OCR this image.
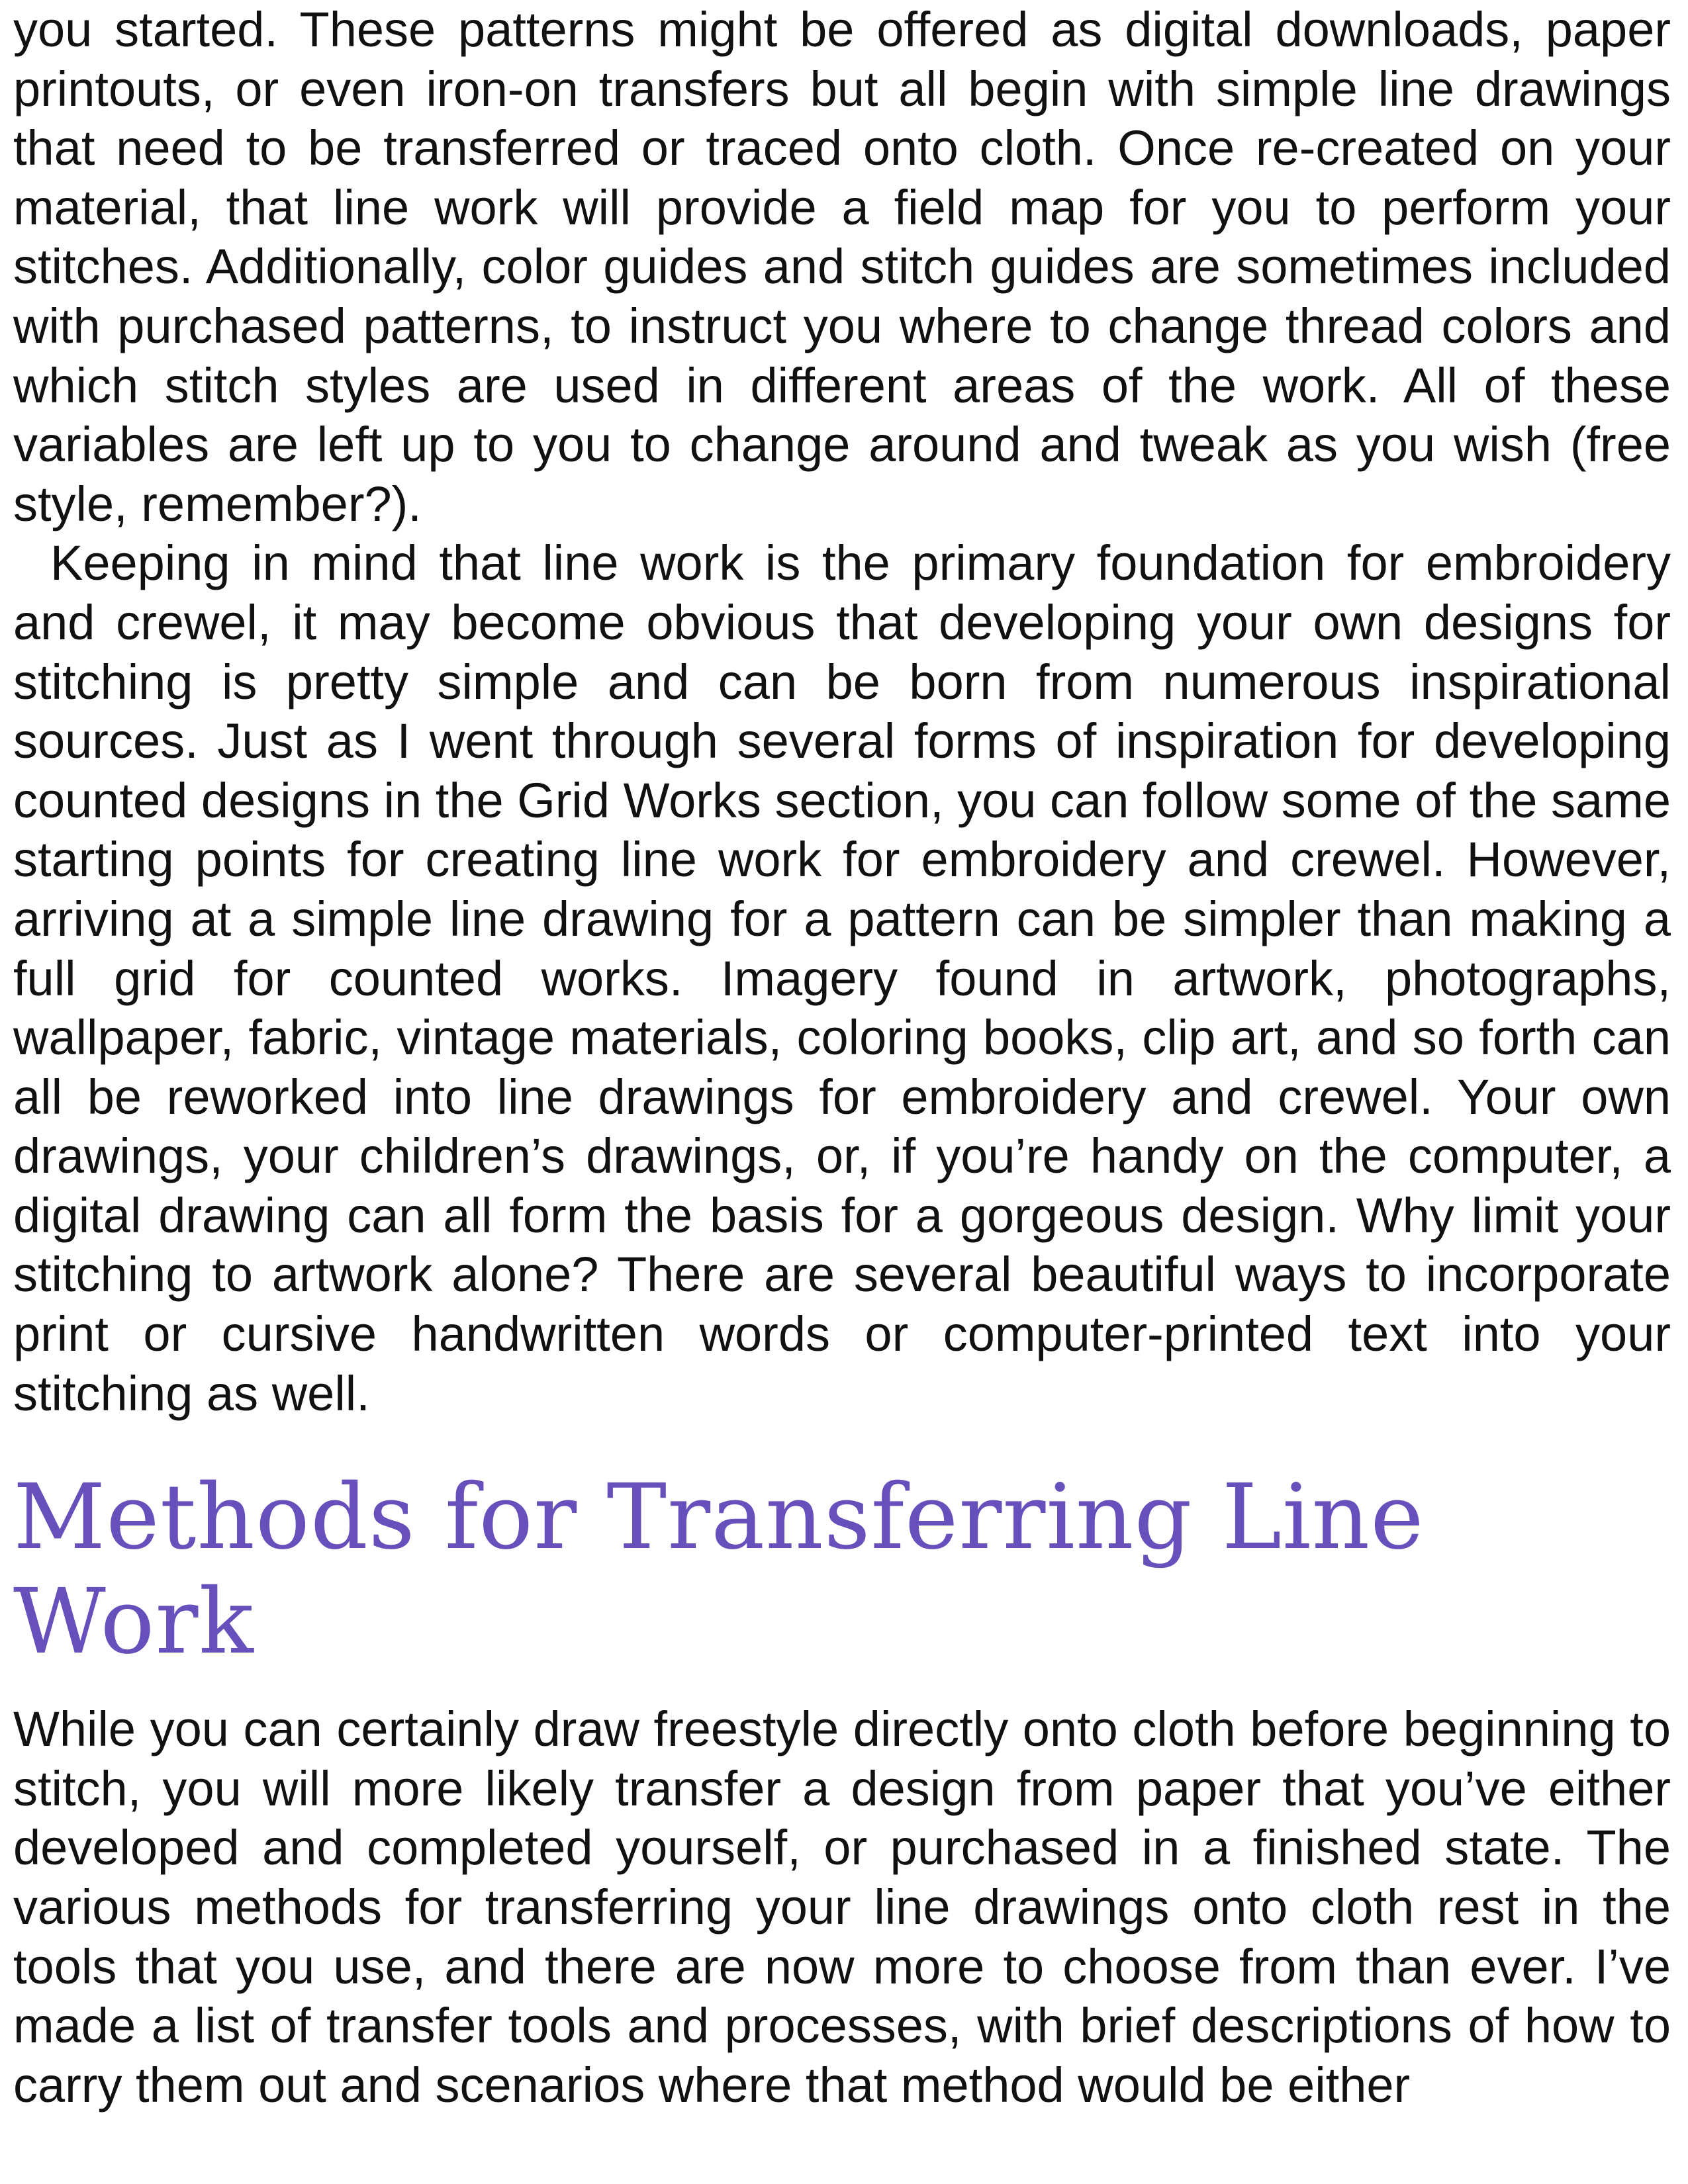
you started. These patterns might be offered as digital downloads, paper printouts, or even iron-on transfers but all begin with simple line drawings that need to be transferred or traced onto cloth. Once re-created on your material, that line work will provide a field map for you to perform your stitches. Additionally, color guides and stitch guides are sometimes included with purchased patterns, to instruct you where to change thread colors and which stitch styles are used in different areas of the work. All of these variables are left up to you to change around and tweak as you wish (free style, remember?).

Keeping in mind that line work is the primary foundation for embroidery and crewel, it may become obvious that developing your own designs for stitching is pretty simple and can be born from numerous inspirational sources. Just as I went through several forms of inspiration for developing counted designs in the Grid Works section, you can follow some of the same starting points for creating line work for embroidery and crewel. However, arriving at a simple line drawing for a pattern can be simpler than making a full grid for counted works. Imagery found in artwork, photographs, wallpaper, fabric, vintage materials, coloring books, clip art, and so forth can all be reworked into line drawings for embroidery and crewel. Your own drawings, your children’s drawings, or, if you’re handy on the computer, a digital drawing can all form the basis for a gorgeous design. Why limit your stitching to artwork alone? There are several beautiful ways to incorporate print or cursive handwritten words or computer-printed text into your stitching as well.

Methods for Transferring Line Work

While you can certainly draw freestyle directly onto cloth before beginning to stitch, you will more likely transfer a design from paper that you’ve either developed and completed yourself, or purchased in a finished state. The various methods for transferring your line drawings onto cloth rest in the tools that you use, and there are now more to choose from than ever. I’ve made a list of transfer tools and processes, with brief descriptions of how to carry them out and scenarios where that method would be either
